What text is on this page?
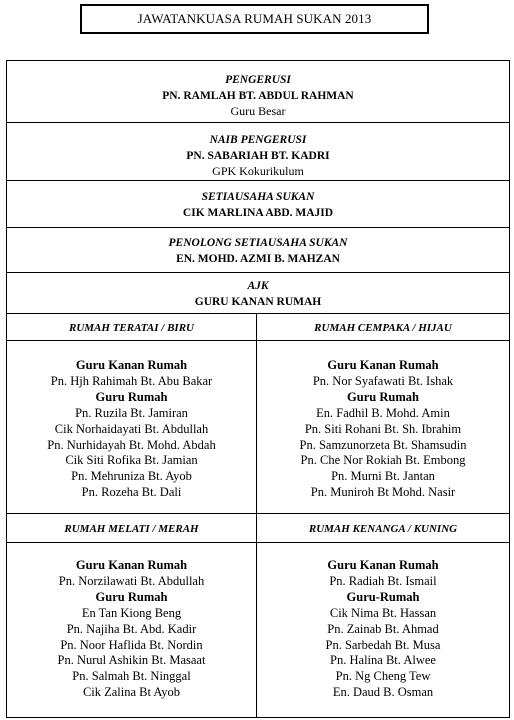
JAWATANKUASA RUMAH SUKAN 2013
PENGERUSI
PN. RAMLAH BT. ABDUL RAHMAN
Guru Besar
NAIB PENGERUSI
PN. SABARIAH BT. KADRI
GPK Kokurikulum
SETIAUSAHA SUKAN
CIK MARLINA ABD. MAJID
PENOLONG SETIAUSAHA SUKAN
EN. MOHD. AZMI B. MAHZAN
AJK
GURU KANAN RUMAH
RUMAH TERATAI / BIRU	RUMAH CEMPAKA / HIJAU
Guru Kanan Rumah
Pn. Hjh Rahimah Bt. Abu Bakar
Guru Rumah
Pn. Ruzila Bt. Jamiran
Cik Norhaidayati Bt. Abdullah
Pn. Nurhidayah Bt. Mohd. Abdah
Cik Siti Rofika Bt. Jamian
Pn. Mehruniza Bt. Ayob
Pn. Rozeha Bt. Dali
Guru Kanan Rumah
Pn. Nor Syafawati Bt. Ishak
Guru Rumah
En. Fadhil B. Mohd. Amin
Pn. Siti Rohani Bt. Sh. Ibrahim
Pn. Samzunorzeta Bt. Shamsudin
Pn. Che Nor Rokiah Bt. Embong
Pn. Murni Bt. Jantan
Pn. Muniroh Bt Mohd. Nasir
RUMAH MELATI / MERAH	RUMAH KENANGA / KUNING
Guru Kanan Rumah
Pn. Norzilawati Bt. Abdullah
Guru Rumah
En Tan Kiong Beng
Pn. Najiha Bt. Abd. Kadir
Pn. Noor Haflida Bt. Nordin
Pn. Nurul Ashikin Bt. Masaat
Pn. Salmah Bt. Ninggal
Cik Zalina Bt Ayob
Guru Kanan Rumah
Pn. Radiah Bt. Ismail
Guru-Rumah
Cik Nima Bt. Hassan
Pn. Zainab Bt. Ahmad
Pn. Sarbedah Bt. Musa
Pn. Halina Bt. Alwee
Pn. Ng Cheng Tew
En. Daud B. Osman
